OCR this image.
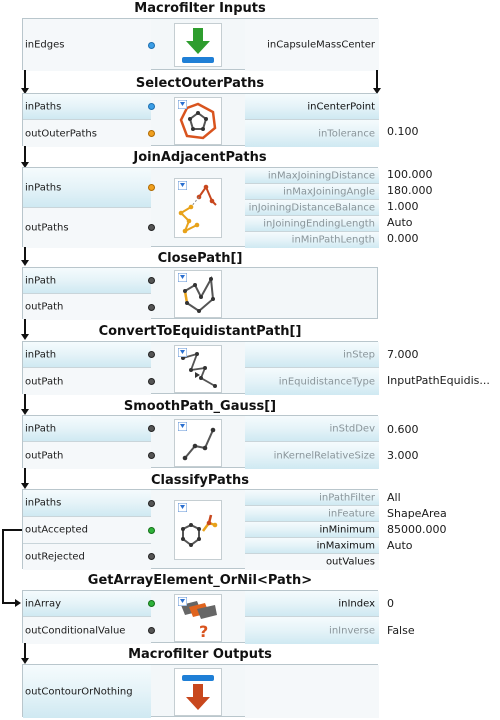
Macrofilter Inputs
inEdges	inCapsuleMassCenter
SelectOuterPaths
inPaths
outOuterPaths
inCenterPoint
inTolerance 0.100
JoinAdjacentPaths
inPaths
outPaths
inMaxJoiningDistance
inMaxJoiningAngle
inJoiningDistanceBalance
inJoiningEndingLength
inMinPathLength
100.000
180.000
1.000
Auto
0.000
ClosePath[]
inPath
outPath
ConvertToEquidistantPath[]
inPath
outPath
inStep
inEquidistanceType
7.000
InputPathEquidis...
SmoothPath_Gauss[]
inPath
outPath
inStdDev
inKernelRelativeSize
0.600
3.000
ClassifyPaths
inPaths
outAccepted
outRejected
inPathFilter
inFeature
inMinimum
inMaximum
outValues
All
ShapeArea
85000.000
Auto
GetArrayElement_OrNil<Path>
inArray
outConditionalValue	?
inIndex
inInverse
0
False
Macrofilter Outputs
outContourOrNothing
